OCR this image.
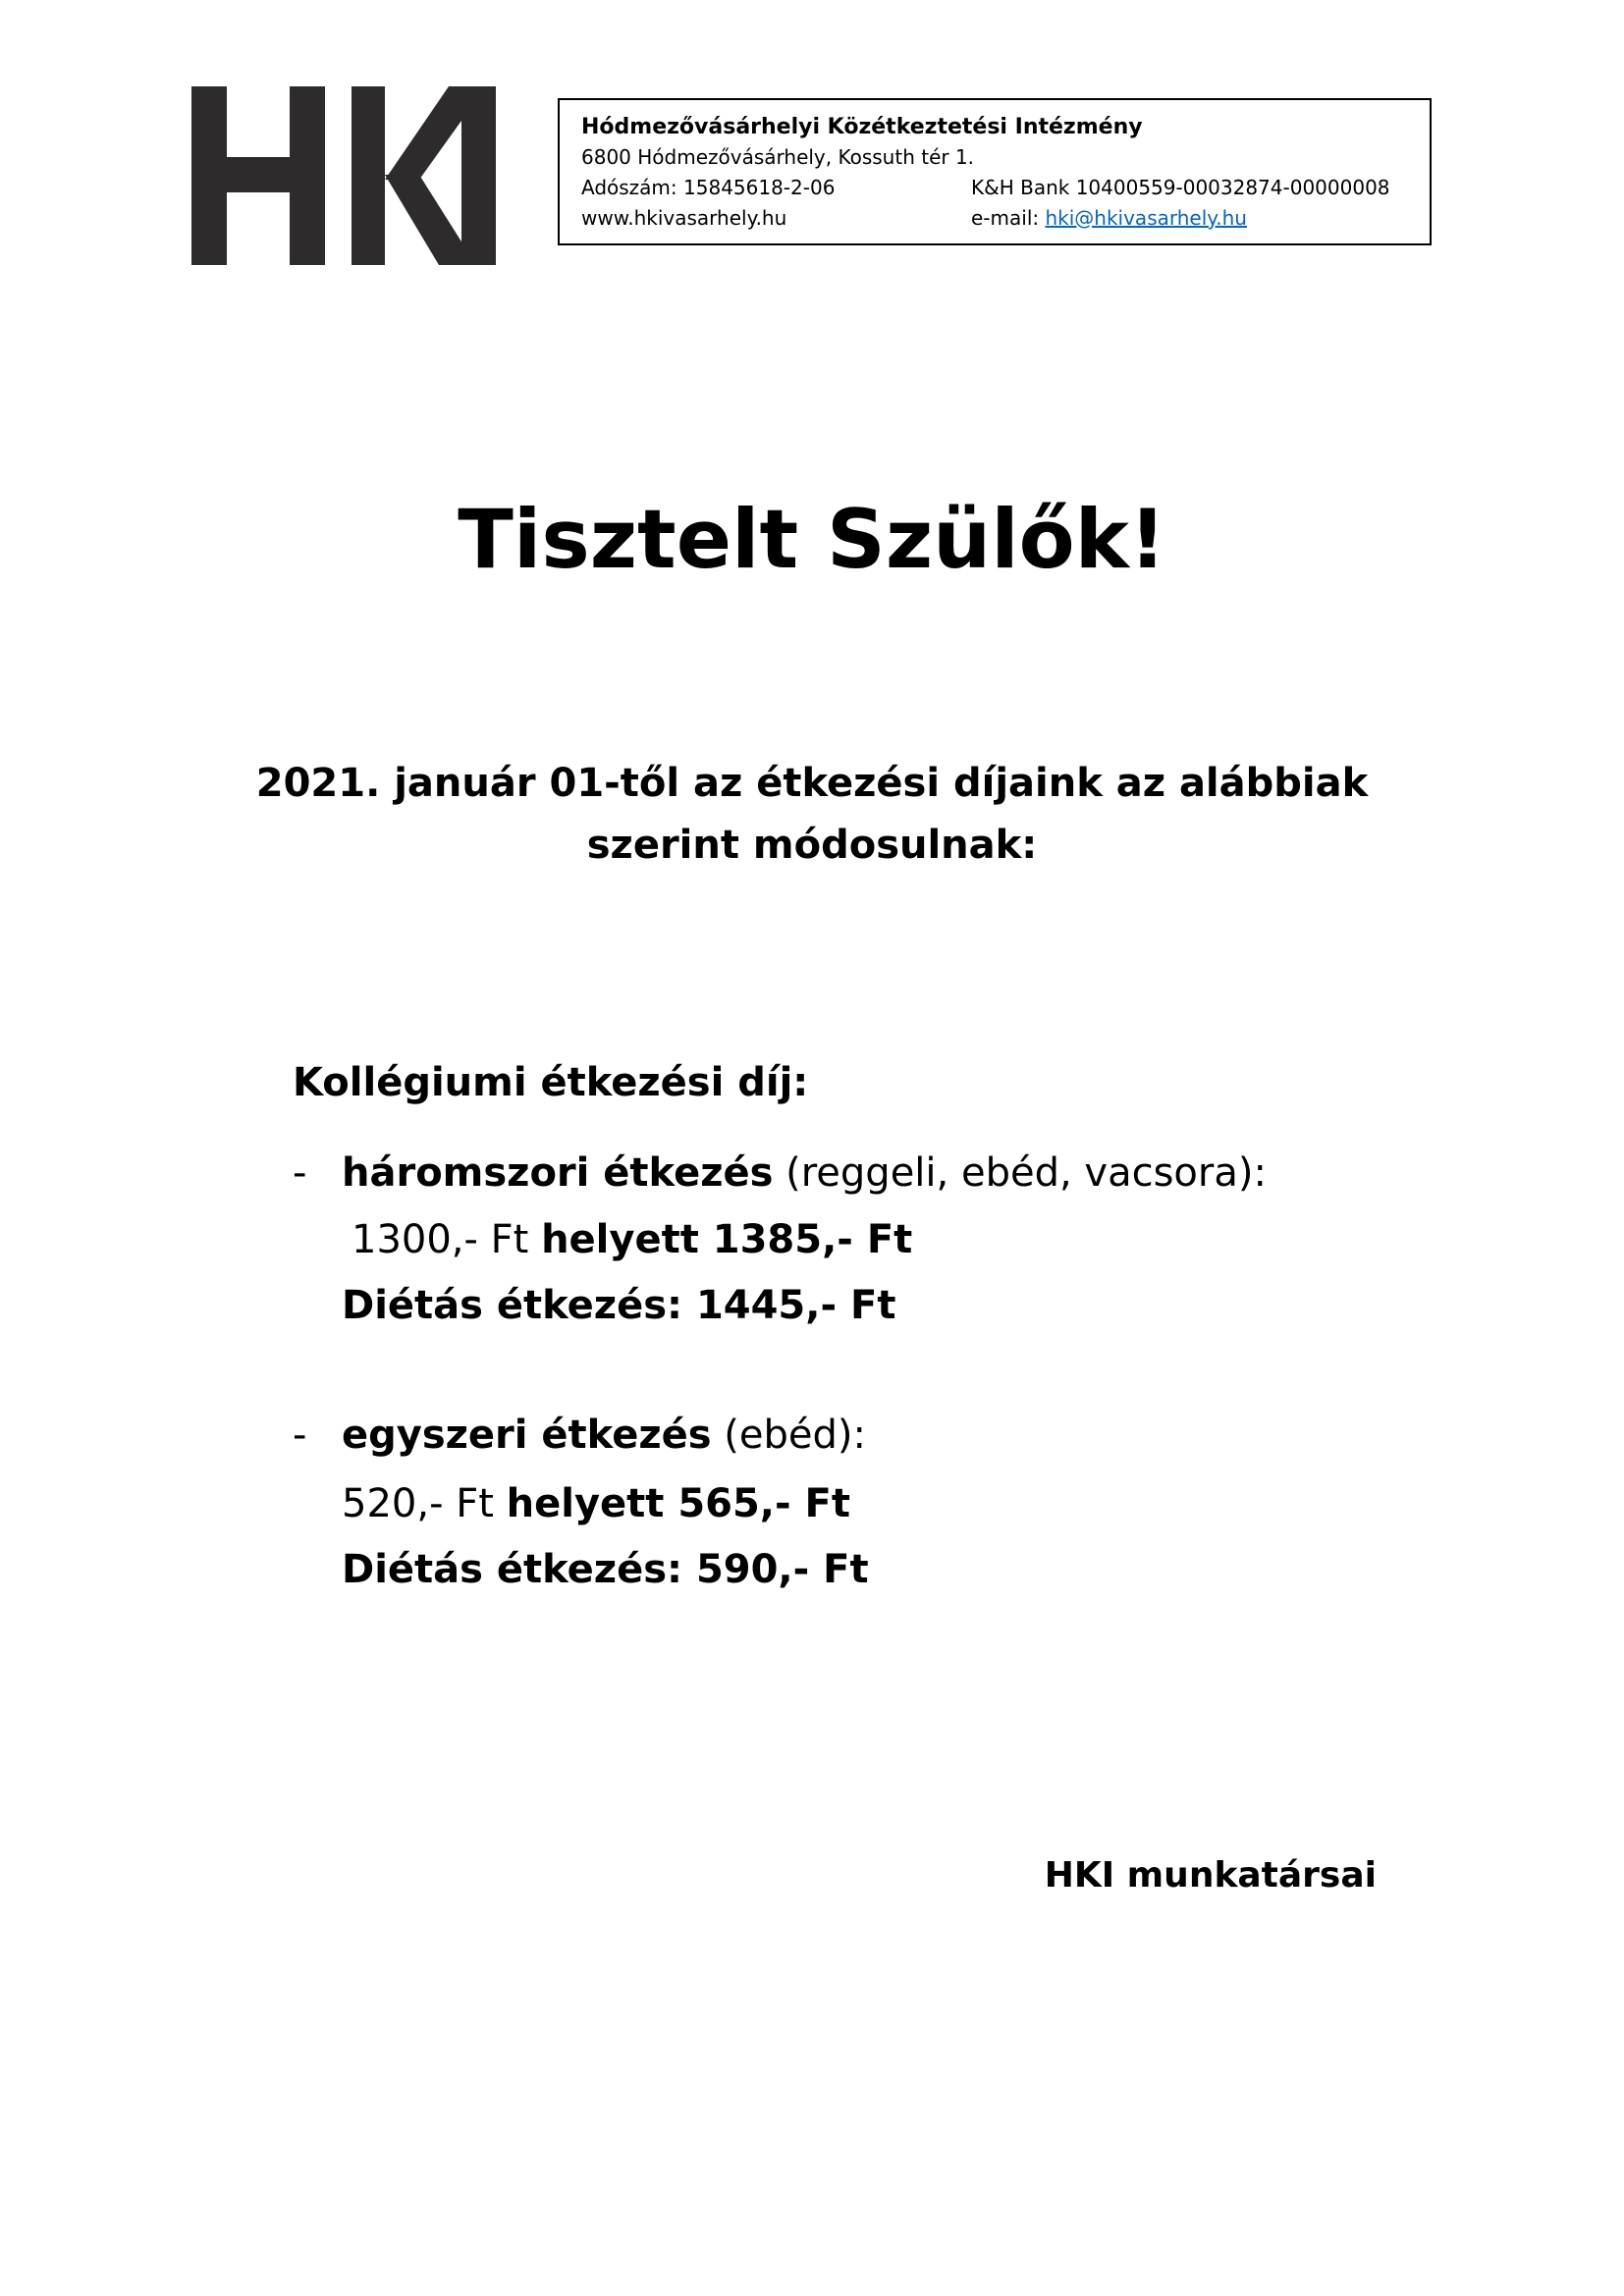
Hódmezővásárhelyi Közétkeztetési Intézmény
6800 Hódmezővásárhely, Kossuth tér 1.
Adószám: 15845618-2-06	K&H Bank 10400559-00032874-00000008
www.hkivasarhely.hu	e-mail: hki@hkivasarhely.hu
Tisztelt Szülők!
2021. január 01-től az étkezési díjaink az alábbiak szerint módosulnak:
Kollégiumi étkezési díj:
- háromszori étkezés (reggeli, ebéd, vacsora):
1300,- Ft helyett 1385,- Ft
Diétás étkezés: 1445,- Ft
- egyszeri étkezés (ebéd):
520,- Ft helyett 565,- Ft
Diétás étkezés: 590,- Ft
HKI munkatársai
